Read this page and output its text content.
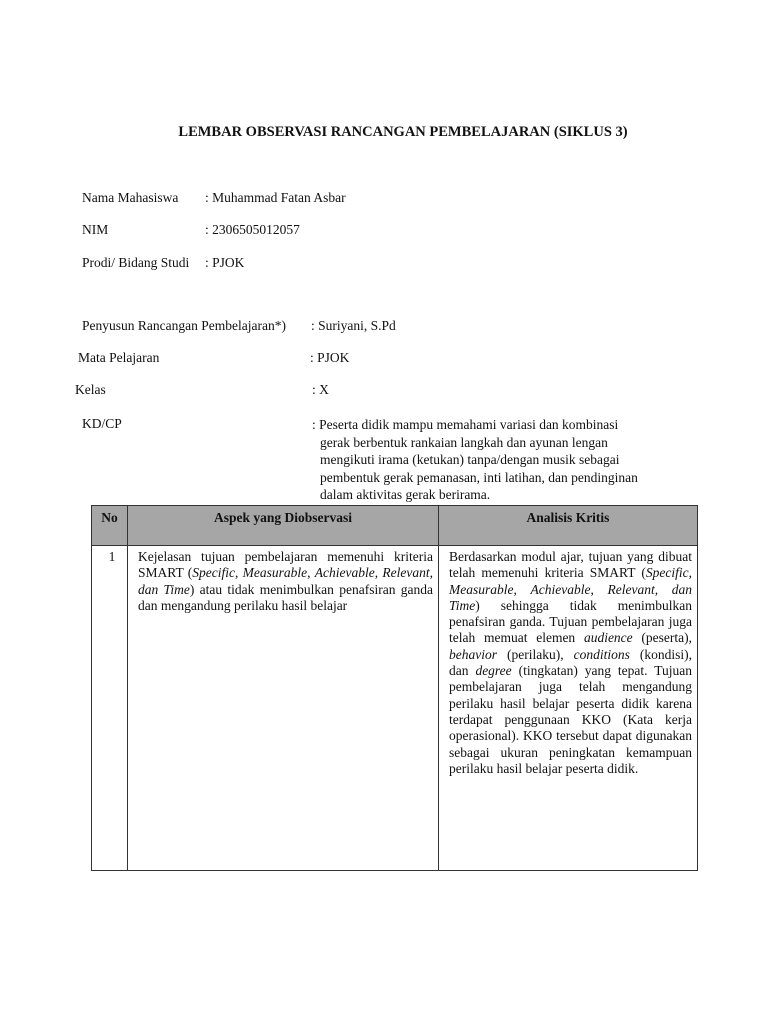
LEMBAR OBSERVASI RANCANGAN PEMBELAJARAN (SIKLUS 3)
Nama Mahasiswa : Muhammad Fatan Asbar
NIM	: 2306505012057
Prodi/ Bidang Studi : PJOK
Penyusun Rancangan Pembelajaran*) : Suriyani, S.Pd
Mata Pelajaran	: PJOK
Kelas	: X
KD/CP	: Peserta didik mampu memahami variasi dan kombinasi
gerak berbentuk rankaian langkah dan ayunan lengan
mengikuti irama (ketukan) tanpa/dengan musik sebagai
pembentuk gerak pemanasan, inti latihan, dan pendinginan
dalam aktivitas gerak berirama.
No	Aspek yang Diobservasi	Analisis Kritis
1	Kejelasan tujuan pembelajaran memenuhi kriteria SMART (Specific, Measurable, Achievable, Relevant, dan Time) atau tidak menimbulkan penafsiran ganda dan mengandung perilaku hasil belajar	Berdasarkan modul ajar, tujuan yang dibuat telah memenuhi kriteria SMART (Specific, Measurable, Achievable, Relevant, dan Time) sehingga tidak menimbulkan penafsiran ganda. Tujuan pembelajaran juga telah memuat elemen audience (peserta), behavior (perilaku), conditions (kondisi), dan degree (tingkatan) yang tepat. Tujuan pembelajaran juga telah mengandung perilaku hasil belajar peserta didik karena terdapat penggunaan KKO (Kata kerja operasional). KKO tersebut dapat digunakan sebagai ukuran peningkatan kemampuan perilaku hasil belajar peserta didik.
